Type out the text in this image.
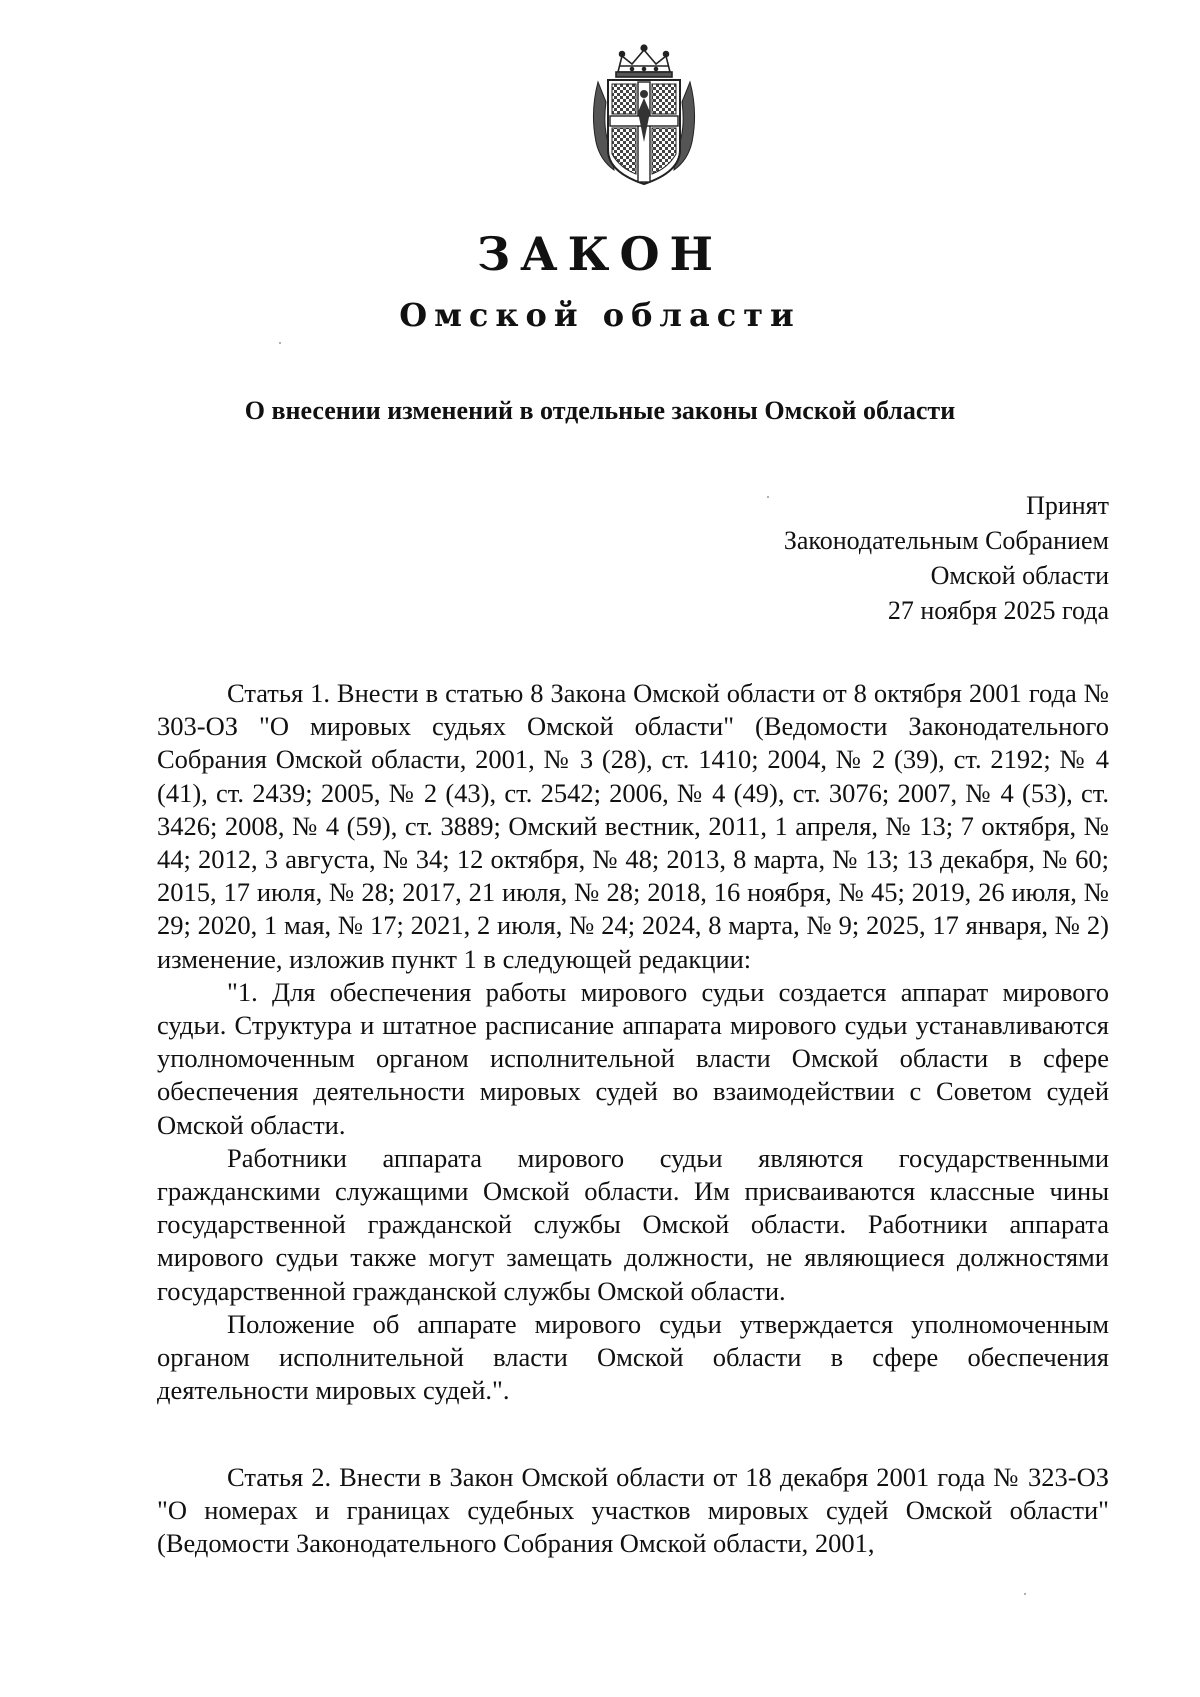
ЗАКОН
Омской области
О внесении изменений в отдельные законы Омской области
Принят
Законодательным Собранием
Омской области
27 ноября 2025 года

Статья 1. Внести в статью 8 Закона Омской области от 8 октября 2001 года № 303-ОЗ "О мировых судьях Омской области" (Ведомости Законодательного Собрания Омской области, 2001, № 3 (28), ст. 1410; 2004, № 2 (39), ст. 2192; № 4 (41), ст. 2439; 2005, № 2 (43), ст. 2542; 2006, № 4 (49), ст. 3076; 2007, № 4 (53), ст. 3426; 2008, № 4 (59), ст. 3889; Омский вестник, 2011, 1 апреля, № 13; 7 октября, № 44; 2012, 3 августа, № 34; 12 октября, № 48; 2013, 8 марта, № 13; 13 декабря, № 60; 2015, 17 июля, № 28; 2017, 21 июля, № 28; 2018, 16 ноября, № 45; 2019, 26 июля, № 29; 2020, 1 мая, № 17; 2021, 2 июля, № 24; 2024, 8 марта, № 9; 2025, 17 января, № 2) изменение, изложив пункт 1 в следующей редакции:

"1. Для обеспечения работы мирового судьи создается аппарат мирового судьи. Структура и штатное расписание аппарата мирового судьи устанавливаются уполномоченным органом исполнительной власти Омской области в сфере обеспечения деятельности мировых судей во взаимодействии с Советом судей Омской области.

Работники аппарата мирового судьи являются государственными гражданскими служащими Омской области. Им присваиваются классные чины государственной гражданской службы Омской области. Работники аппарата мирового судьи также могут замещать должности, не являющиеся должностями государственной гражданской службы Омской области.

Положение об аппарате мирового судьи утверждается уполномоченным органом исполнительной власти Омской области в сфере обеспечения деятельности мировых судей.".

Статья 2. Внести в Закон Омской области от 18 декабря 2001 года № 323-ОЗ "О номерах и границах судебных участков мировых судей Омской области" (Ведомости Законодательного Собрания Омской области, 2001,
